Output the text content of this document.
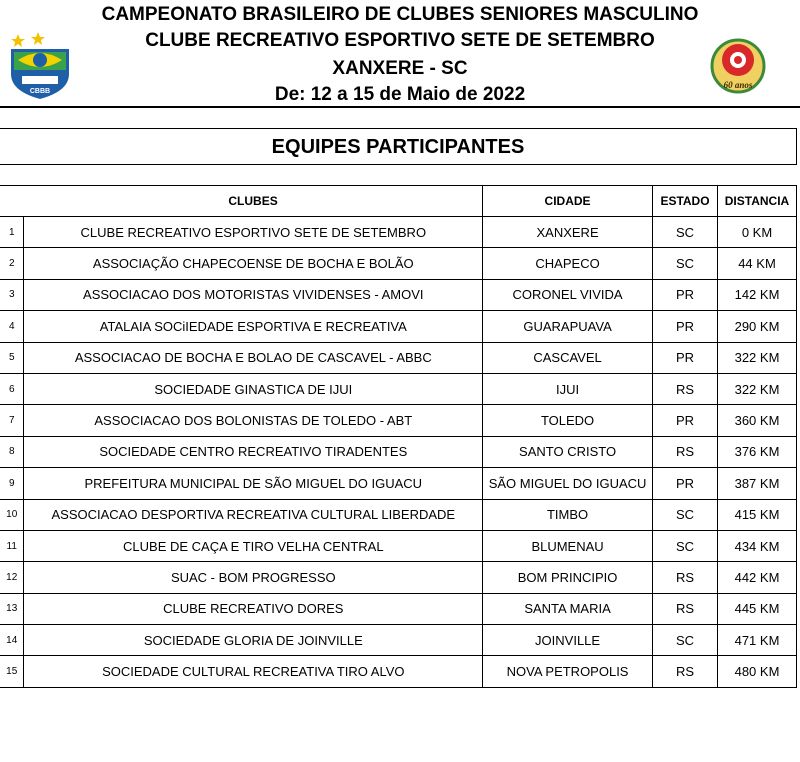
CBBB
CAMPEONATO BRASILEIRO DE CLUBES SENIORES MASCULINO
CLUBE RECREATIVO ESPORTIVO SETE DE SETEMBRO
XANXERE - SC
De: 12 a 15 de Maio de 2022	60 anos
EQUIPES PARTICIPANTES
	CLUBES	CIDADE	ESTADO	DISTANCIA
1	CLUBE RECREATIVO ESPORTIVO SETE DE SETEMBRO	XANXERE	SC	0 KM
2	ASSOCIAÇÃO CHAPECOENSE DE BOCHA E BOLÃO	CHAPECO	SC	44 KM
3	ASSOCIACAO DOS MOTORISTAS VIVIDENSES - AMOVI	CORONEL VIVIDA	PR	142 KM
4	ATALAIA SOCiIEDADE ESPORTIVA E RECREATIVA	GUARAPUAVA	PR	290 KM
5	ASSOCIACAO DE BOCHA E BOLAO DE CASCAVEL - ABBC	CASCAVEL	PR	322 KM
6	SOCIEDADE GINASTICA DE IJUI	IJUI	RS	322 KM
7	ASSOCIACAO DOS BOLONISTAS DE TOLEDO - ABT	TOLEDO	PR	360 KM
8	SOCIEDADE CENTRO RECREATIVO TIRADENTES	SANTO CRISTO	RS	376 KM
9	PREFEITURA MUNICIPAL DE SÃO MIGUEL DO IGUACU	SÃO MIGUEL DO IGUACU	PR	387 KM
10	ASSOCIACAO DESPORTIVA RECREATIVA CULTURAL LIBERDADE	TIMBO	SC	415 KM
11	CLUBE DE CAÇA E TIRO VELHA CENTRAL	BLUMENAU	SC	434 KM
12	SUAC - BOM PROGRESSO	BOM PRINCIPIO	RS	442 KM
13	CLUBE RECREATIVO DORES	SANTA MARIA	RS	445 KM
14	SOCIEDADE GLORIA DE JOINVILLE	JOINVILLE	SC	471 KM
15	SOCIEDADE CULTURAL RECREATIVA TIRO ALVO	NOVA PETROPOLIS	RS	480 KM
